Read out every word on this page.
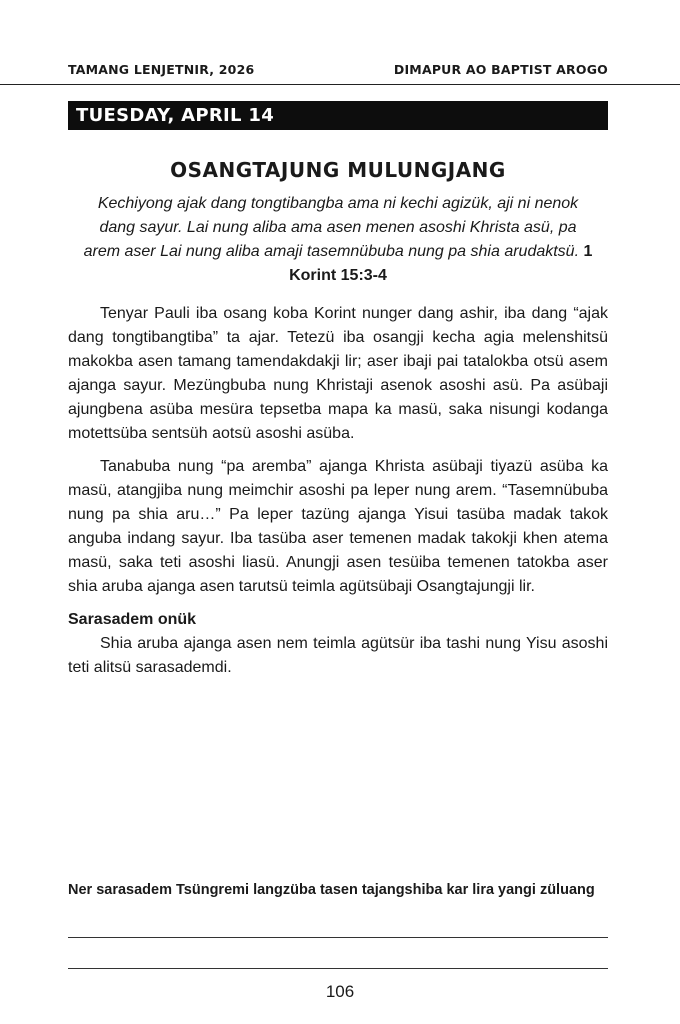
TAMANG LENJETNIR, 2026	DIMAPUR AO BAPTIST AROGO
TUESDAY, APRIL 14
OSANGTAJUNG MULUNGJANG
Kechiyong ajak dang tongtibangba ama ni kechi agizük, aji ni nenok dang sayur. Lai nung aliba ama asen menen asoshi Khrista asü, pa arem aser Lai nung aliba amaji tasemnübuba nung pa shia arudaktsü. 1 Korint 15:3-4

Tenyar Pauli iba osang koba Korint nunger dang ashir, iba dang “ajak dang tongtibangtiba” ta ajar. Tetezü iba osangji kecha agia melenshitsü makokba asen tamang tamendakdakji lir; aser ibaji pai tatalokba otsü asem ajanga sayur. Mezüngbuba nung Khristaji asenok asoshi asü. Pa asübaji ajungbena asüba mesüra tepsetba mapa ka masü, saka nisungi kodanga motettsüba sentsüh aotsü asoshi asüba.

Tanabuba nung “pa aremba” ajanga Khrista asübaji tiyazü asüba ka masü, atangjiba nung meimchir asoshi pa leper nung arem. “Tasemnübuba nung pa shia aru…” Pa leper tazüng ajanga Yisui tasüba madak takok anguba indang sayur. Iba tasüba aser temenen madak takokji khen atema masü, saka teti asoshi liasü. Anungji asen tesüiba temenen tatokba aser shia aruba ajanga asen tarutsü teimla agütsübaji Osangtajungji lir.

Sarasadem onük

Shia aruba ajanga asen nem teimla agütsür iba tashi nung Yisu asoshi teti alitsü sarasademdi.

Ner sarasadem Tsüngremi langzüba tasen tajangshiba kar lira yangi züluang
106
